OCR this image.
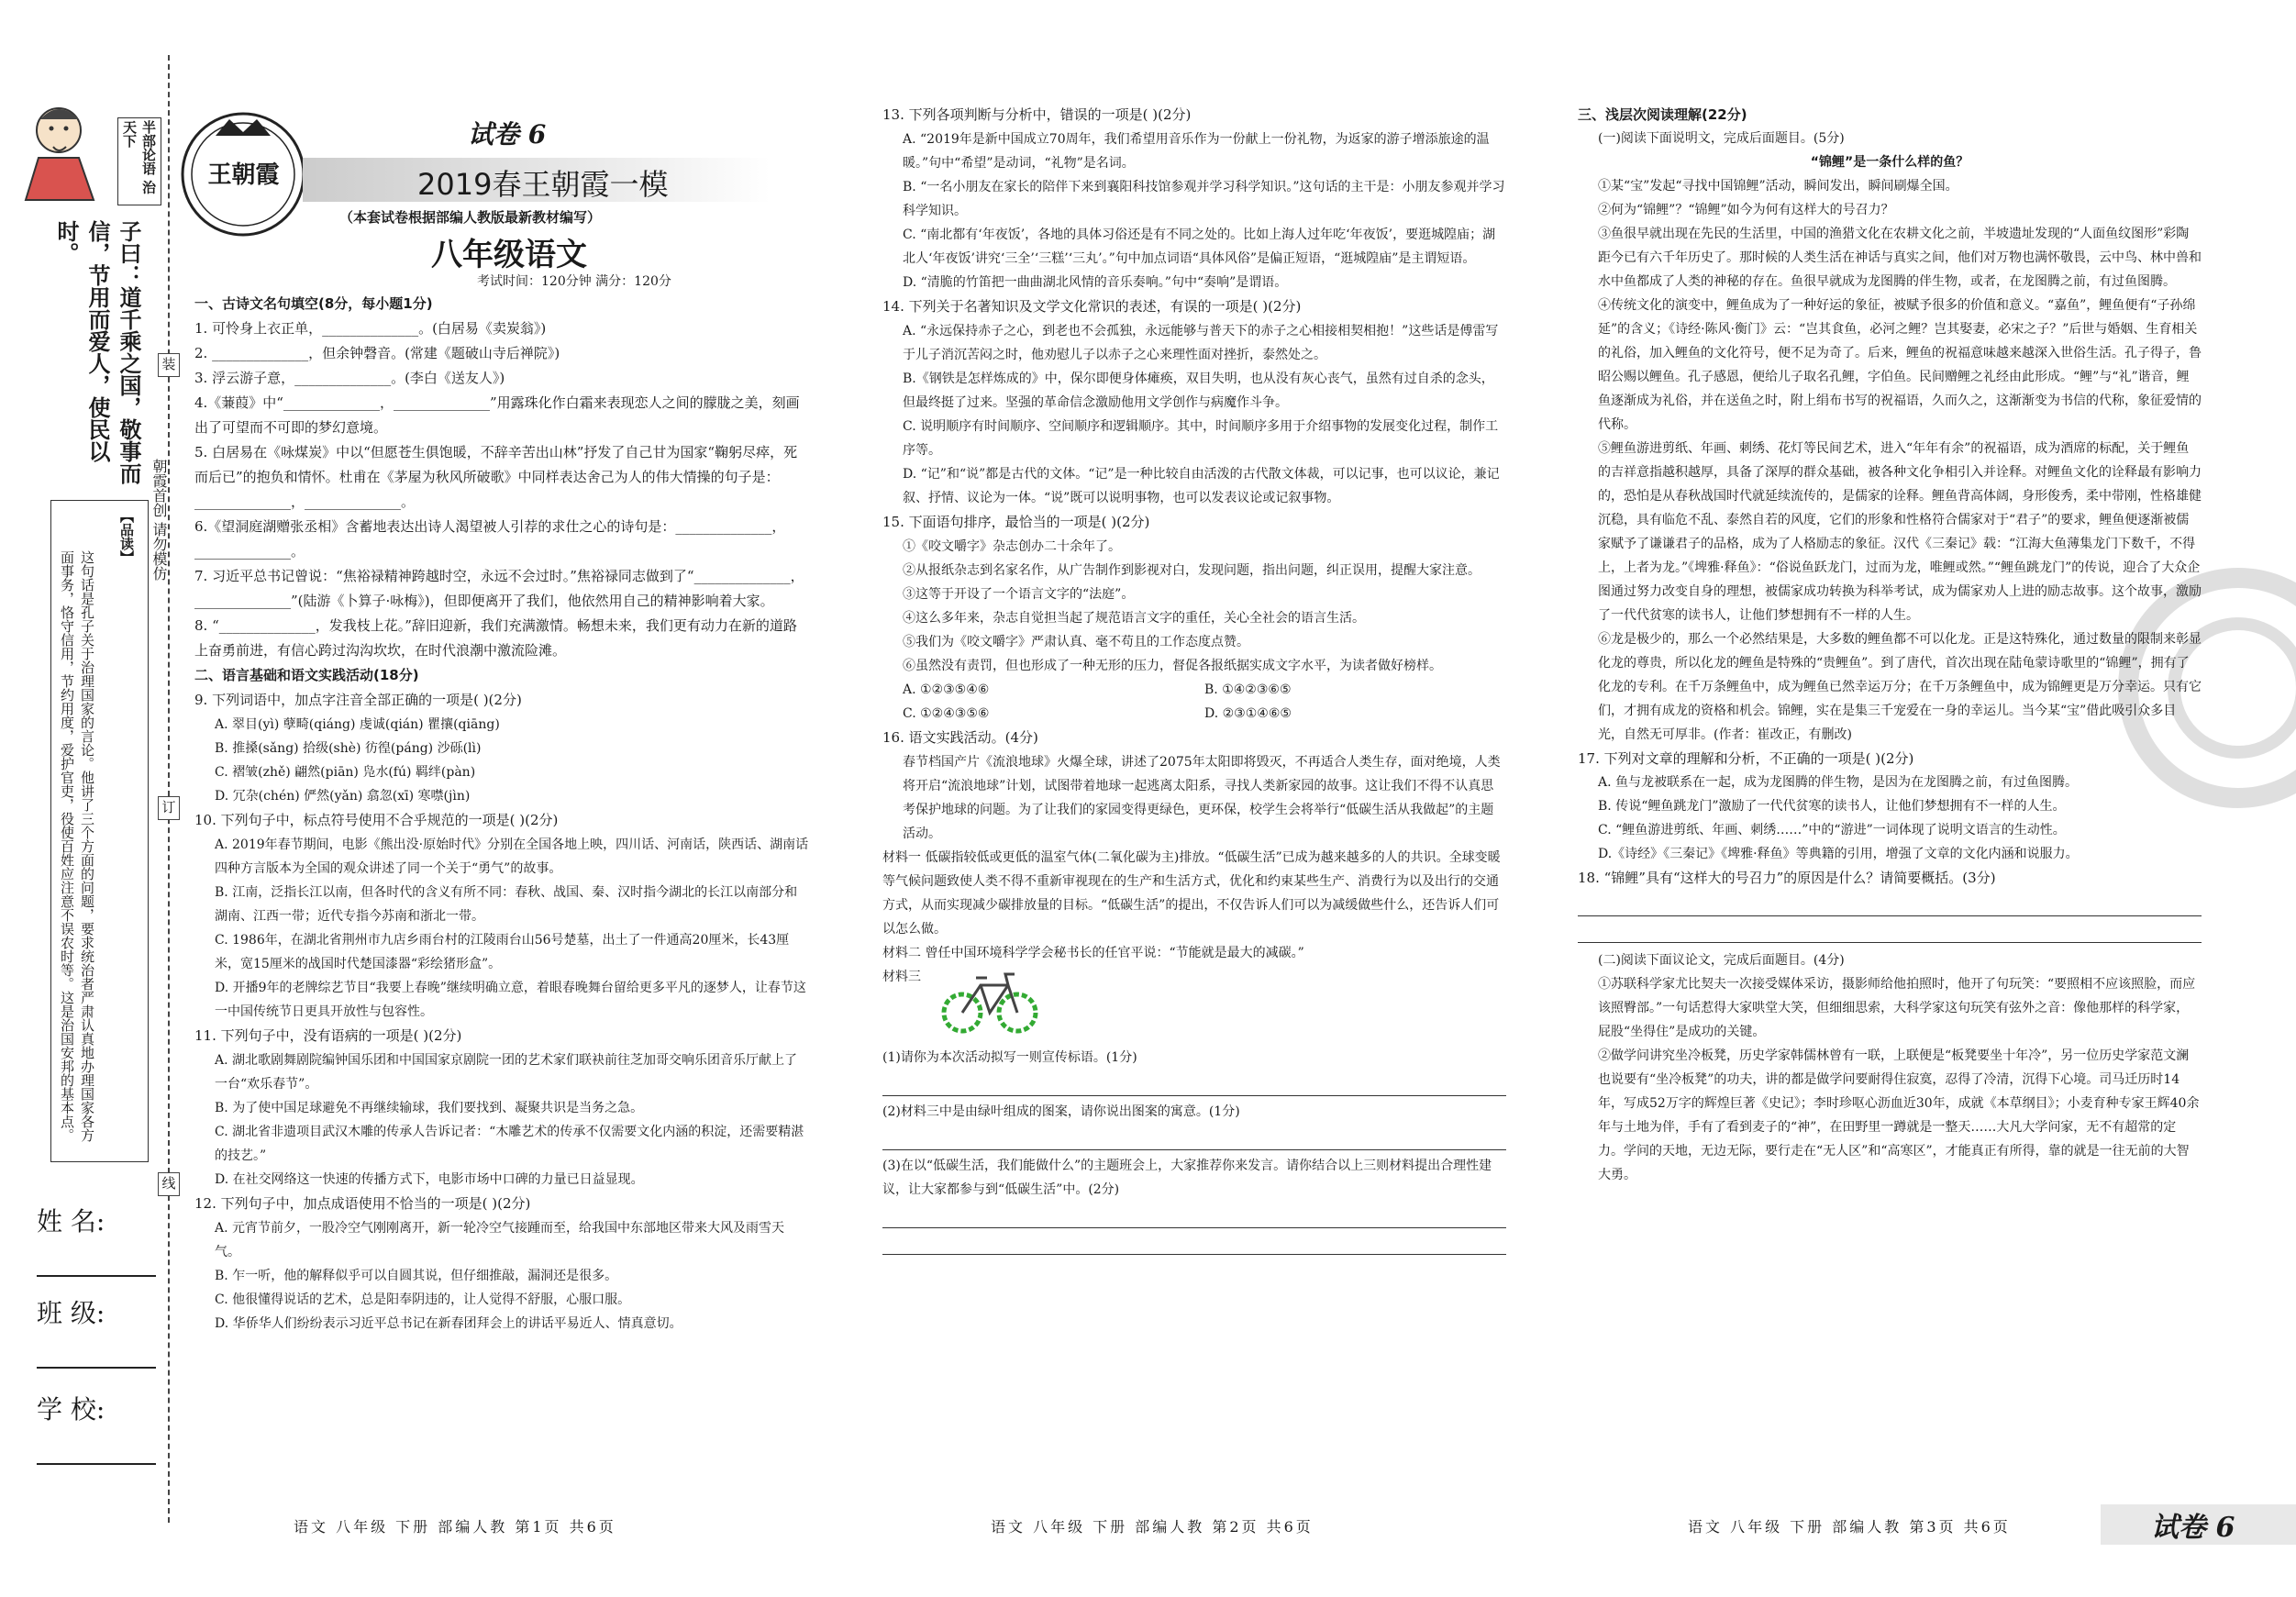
半部论语 治天下
子曰：道千乘之国，敬事而信，节用而爱人，使民以时。
【品读】
这句话是孔子关于治理国家的言论。他讲了三个方面的问题，要求统治者严肃认真地办理国家各方面事务，恪守信用，节约用度，爱护官吏，役使百姓应注意不误农时等。这是治国安邦的基本点。
朝霞首创 请勿模仿
装
订
线
姓 名:
班 级:
学 校:
王朝霞
试卷 6
2019春王朝霞一模
（本套试卷根据部编人教版最新教材编写）
八年级语文
考试时间：120分钟 满分：120分

一、古诗文名句填空(8分，每小题1分)

1. 可怜身上衣正单，______________。(白居易《卖炭翁》)

2. ______________，但余钟磬音。(常建《题破山寺后禅院》)

3. 浮云游子意，______________。(李白《送友人》)

4.《蒹葭》中“______________，______________”用露珠化作白霜来表现恋人之间的朦胧之美，刻画出了可望而不可即的梦幻意境。

5. 白居易在《咏煤炭》中以“但愿苍生俱饱暖，不辞辛苦出山林”抒发了自己甘为国家“鞠躬尽瘁，死而后已”的抱负和情怀。杜甫在《茅屋为秋风所破歌》中同样表达舍己为人的伟大情操的句子是：______________，______________。

6.《望洞庭湖赠张丞相》含蓄地表达出诗人渴望被人引荐的求仕之心的诗句是：______________，______________。

7. 习近平总书记曾说：“焦裕禄精神跨越时空，永远不会过时。”焦裕禄同志做到了“______________，______________”(陆游《卜算子·咏梅》)，但即便离开了我们，他依然用自己的精神影响着大家。

8. “______________，发我枝上花。”辞旧迎新，我们充满激情。畅想未来，我们更有动力在新的道路上奋勇前进，有信心跨过沟沟坎坎，在时代浪潮中激流险滩。

二、语言基础和语文实践活动(18分)

9. 下列词语中，加点字注音全部正确的一项是( )(2分)

A. 翠目(yì) 孽畸(qiáng) 虔诚(qián) 瞿攘(qiāng)

B. 推搡(sǎng) 拾级(shè) 彷徨(páng) 沙砾(lì)

C. 褶皱(zhě) 翩然(piān) 凫水(fú) 羁绊(pàn)

D. 冗杂(chén) 俨然(yǎn) 翕忽(xī) 寒噤(jìn)

10. 下列句子中，标点符号使用不合乎规范的一项是( )(2分)

A. 2019年春节期间，电影《熊出没·原始时代》分别在全国各地上映，四川话、河南话，陕西话、湖南话四种方言版本为全国的观众讲述了同一个关于“勇气”的故事。

B. 江南，泛指长江以南，但各时代的含义有所不同：春秋、战国、秦、汉时指今湖北的长江以南部分和湖南、江西一带；近代专指今苏南和浙北一带。

C. 1986年，在湖北省荆州市九店乡雨台村的江陵雨台山56号楚墓，出土了一件通高20厘米，长43厘米，宽15厘米的战国时代楚国漆器“彩绘猪形盒”。

D. 开播9年的老牌综艺节目“我要上春晚”继续明确立意，着眼春晚舞台留给更多平凡的逐梦人，让春节这一中国传统节日更具开放性与包容性。

11. 下列句子中，没有语病的一项是( )(2分)

A. 湖北歌剧舞剧院编钟国乐团和中国国家京剧院一团的艺术家们联袂前往芝加哥交响乐团音乐厅献上了一台“欢乐春节”。

B. 为了使中国足球避免不再继续输球，我们要找到、凝聚共识是当务之急。

C. 湖北省非遗项目武汉木雕的传承人告诉记者：“木雕艺术的传承不仅需要文化内涵的积淀，还需要精湛的技艺。”

D. 在社交网络这一快速的传播方式下，电影市场中口碑的力量已日益显现。

12. 下列句子中，加点成语使用不恰当的一项是( )(2分)

A. 元宵节前夕，一股冷空气刚刚离开，新一轮冷空气接踵而至，给我国中东部地区带来大风及雨雪天气。

B. 乍一听，他的解释似乎可以自圆其说，但仔细推敲，漏洞还是很多。

C. 他很懂得说话的艺术，总是阳奉阴违的，让人觉得不舒服，心服口服。

D. 华侨华人们纷纷表示习近平总书记在新春团拜会上的讲话平易近人、情真意切。

13. 下列各项判断与分析中，错误的一项是( )(2分)

A. “2019年是新中国成立70周年，我们希望用音乐作为一份献上一份礼物，为返家的游子增添旅途的温暖。”句中“希望”是动词，“礼物”是名词。

B. “一名小朋友在家长的陪伴下来到襄阳科技馆参观并学习科学知识。”这句话的主干是：小朋友参观并学习科学知识。

C. “南北都有‘年夜饭’，各地的具体习俗还是有不同之处的。比如上海人过年吃‘年夜饭’，要逛城隍庙；湖北人‘年夜饭’讲究‘三全’‘三糕’‘三丸’。”句中加点词语“具体风俗”是偏正短语，“逛城隍庙”是主谓短语。

D. “清脆的竹笛把一曲曲湖北风情的音乐奏响。”句中“奏响”是谓语。

14. 下列关于名著知识及文学文化常识的表述，有误的一项是( )(2分)

A. “永远保持赤子之心，到老也不会孤独，永远能够与普天下的赤子之心相接相契相抱！”这些话是傅雷写于儿子消沉苦闷之时，他劝慰儿子以赤子之心来理性面对挫折，泰然处之。

B.《钢铁是怎样炼成的》中，保尔即便身体瘫痪，双目失明，也从没有灰心丧气，虽然有过自杀的念头，但最终挺了过来。坚强的革命信念激励他用文学创作与病魔作斗争。

C. 说明顺序有时间顺序、空间顺序和逻辑顺序。其中，时间顺序多用于介绍事物的发展变化过程，制作工序等。

D. “记”和“说”都是古代的文体。“记”是一种比较自由活泼的古代散文体裁，可以记事，也可以议论，兼记叙、抒情、议论为一体。“说”既可以说明事物，也可以发表议论或记叙事物。

15. 下面语句排序，最恰当的一项是( )(2分)

①《咬文嚼字》杂志创办二十余年了。

②从报纸杂志到名家名作，从广告制作到影视对白，发现问题，指出问题，纠正误用，提醒大家注意。

③这等于开设了一个语言文字的“法庭”。

④这么多年来，杂志自觉担当起了规范语言文字的重任，关心全社会的语言生活。

⑤我们为《咬文嚼字》严肃认真、毫不苟且的工作态度点赞。

⑥虽然没有责罚，但也形成了一种无形的压力，督促各报纸据实成文字水平，为读者做好榜样。

A. ①②③⑤④⑥	B. ①④②③⑥⑤
C. ①②④③⑤⑥	D. ②③①④⑥⑤

16. 语文实践活动。(4分)

春节档国产片《流浪地球》火爆全球，讲述了2075年太阳即将毁灭，不再适合人类生存，面对绝境，人类将开启“流浪地球”计划，试图带着地球一起逃离太阳系，寻找人类新家园的故事。这让我们不得不认真思考保护地球的问题。为了让我们的家园变得更绿色，更环保，校学生会将举行“低碳生活从我做起”的主题活动。

材料一 低碳指较低或更低的温室气体(二氧化碳为主)排放。“低碳生活”已成为越来越多的人的共识。全球变暖等气候问题致使人类不得不重新审视现在的生产和生活方式，优化和约束某些生产、消费行为以及出行的交通方式，从而实现减少碳排放量的目标。“低碳生活”的提出，不仅告诉人们可以为减缓做些什么，还告诉人们可以怎么做。

材料二 曾任中国环境科学学会秘书长的任官平说：“节能就是最大的减碳。”

材料三

(1)请你为本次活动拟写一则宣传标语。(1分)

(2)材料三中是由绿叶组成的图案，请你说出图案的寓意。(1分)

(3)在以“低碳生活，我们能做什么”的主题班会上，大家推荐你来发言。请你结合以上三则材料提出合理性建议，让大家都参与到“低碳生活”中。(2分)

三、浅层次阅读理解(22分)

(一)阅读下面说明文，完成后面题目。(5分)

“锦鲤”是一条什么样的鱼？

①某“宝”发起“寻找中国锦鲤”活动，瞬间发出，瞬间刷爆全国。

②何为“锦鲤”？“锦鲤”如今为何有这样大的号召力？

③鱼很早就出现在先民的生活里，中国的渔猎文化在农耕文化之前，半坡遗址发现的“人面鱼纹图形”彩陶距今已有六千年历史了。那时候的人类生活在神话与真实之间，他们对万物也满怀敬畏，云中鸟、林中兽和水中鱼都成了人类的神秘的存在。鱼很早就成为龙图腾的伴生物，或者，在龙图腾之前，有过鱼图腾。

④传统文化的演变中，鲤鱼成为了一种好运的象征，被赋予很多的价值和意义。“嘉鱼”，鲤鱼便有“子孙绵延”的含义；《诗经·陈风·衡门》云：“岂其食鱼，必河之鲤？岂其娶妻，必宋之子？”后世与婚姻、生育相关的礼俗，加入鲤鱼的文化符号，便不足为奇了。后来，鲤鱼的祝福意味越来越深入世俗生活。孔子得子，鲁昭公赐以鲤鱼。孔子感恩，便给儿子取名孔鲤，字伯鱼。民间赠鲤之礼经由此形成。“鲤”与“礼”谐音，鲤鱼逐渐成为礼俗，并在送鱼之时，附上绢布书写的祝福语，久而久之，这渐渐变为书信的代称，象征爱情的代称。

⑤鲤鱼游进剪纸、年画、刺绣、花灯等民间艺术，进入“年年有余”的祝福语，成为酒席的标配，关于鲤鱼的吉祥意指越积越厚，具备了深厚的群众基础，被各种文化争相引入并诠释。对鲤鱼文化的诠释最有影响力的，恐怕是从春秋战国时代就延续流传的，是儒家的诠释。鲤鱼背高体阔，身形俊秀，柔中带刚，性格雄健沉稳，具有临危不乱、泰然自若的风度，它们的形象和性格符合儒家对于“君子”的要求，鲤鱼便逐渐被儒家赋予了谦谦君子的品格，成为了人格励志的象征。汉代《三秦记》载：“江海大鱼薄集龙门下数千，不得上，上者为龙。”《埤雅·释鱼》：“俗说鱼跃龙门，过而为龙，唯鲤或然。”“鲤鱼跳龙门”的传说，迎合了大众企图通过努力改变自身的理想，被儒家成功转换为科举考试，成为儒家劝人上进的励志故事。这个故事，激励了一代代贫寒的读书人，让他们梦想拥有不一样的人生。

⑥龙是极少的，那么一个必然结果是，大多数的鲤鱼都不可以化龙。正是这特殊化，通过数量的限制来彰显化龙的尊贵，所以化龙的鲤鱼是特殊的“贵鲤鱼”。到了唐代，首次出现在陆龟蒙诗歌里的“锦鲤”，拥有了化龙的专利。在千万条鲤鱼中，成为鲤鱼已然幸运万分；在千万条鲤鱼中，成为锦鲤更是万分幸运。只有它们，才拥有成龙的资格和机会。锦鲤，实在是集三千宠爱在一身的幸运儿。当今某“宝”借此吸引众多目光，自然无可厚非。(作者：崔改正，有删改)

17. 下列对文章的理解和分析，不正确的一项是( )(2分)

A. 鱼与龙被联系在一起，成为龙图腾的伴生物，是因为在龙图腾之前，有过鱼图腾。

B. 传说“鲤鱼跳龙门”激励了一代代贫寒的读书人，让他们梦想拥有不一样的人生。

C. “鲤鱼游进剪纸、年画、刺绣……”中的“游进”一词体现了说明文语言的生动性。

D.《诗经》《三秦记》《埤雅·释鱼》等典籍的引用，增强了文章的文化内涵和说服力。

18. “锦鲤”具有“这样大的号召力”的原因是什么？请简要概括。(3分)

(二)阅读下面议论文，完成后面题目。(4分)

①苏联科学家尤比契夫一次接受媒体采访，摄影师给他拍照时，他开了句玩笑：“要照相不应该照脸，而应该照臀部。”一句话惹得大家哄堂大笑，但细细思索，大科学家这句玩笑有弦外之音：像他那样的科学家，屁股“坐得住”是成功的关键。

②做学问讲究坐冷板凳，历史学家韩儒林曾有一联，上联便是“板凳要坐十年冷”，另一位历史学家范文澜也说要有“坐冷板凳”的功夫，讲的都是做学问要耐得住寂寞，忍得了冷清，沉得下心境。司马迁历时14年，写成52万字的辉煌巨著《史记》；李时珍呕心沥血近30年，成就《本草纲目》；小麦育种专家王辉40余年与土地为伴，手有了看到麦子的“神”，在田野里一蹲就是一整天……大凡大学问家，无不有超常的定力。学问的天地，无边无际，要行走在“无人区”和“高寒区”，才能真正有所得，靠的就是一往无前的大智大勇。

语文 八年级 下册 部编人教 第1页 共6页	语文 八年级 下册 部编人教 第2页 共6页	语文 八年级 下册 部编人教 第3页 共6页	试卷 6
